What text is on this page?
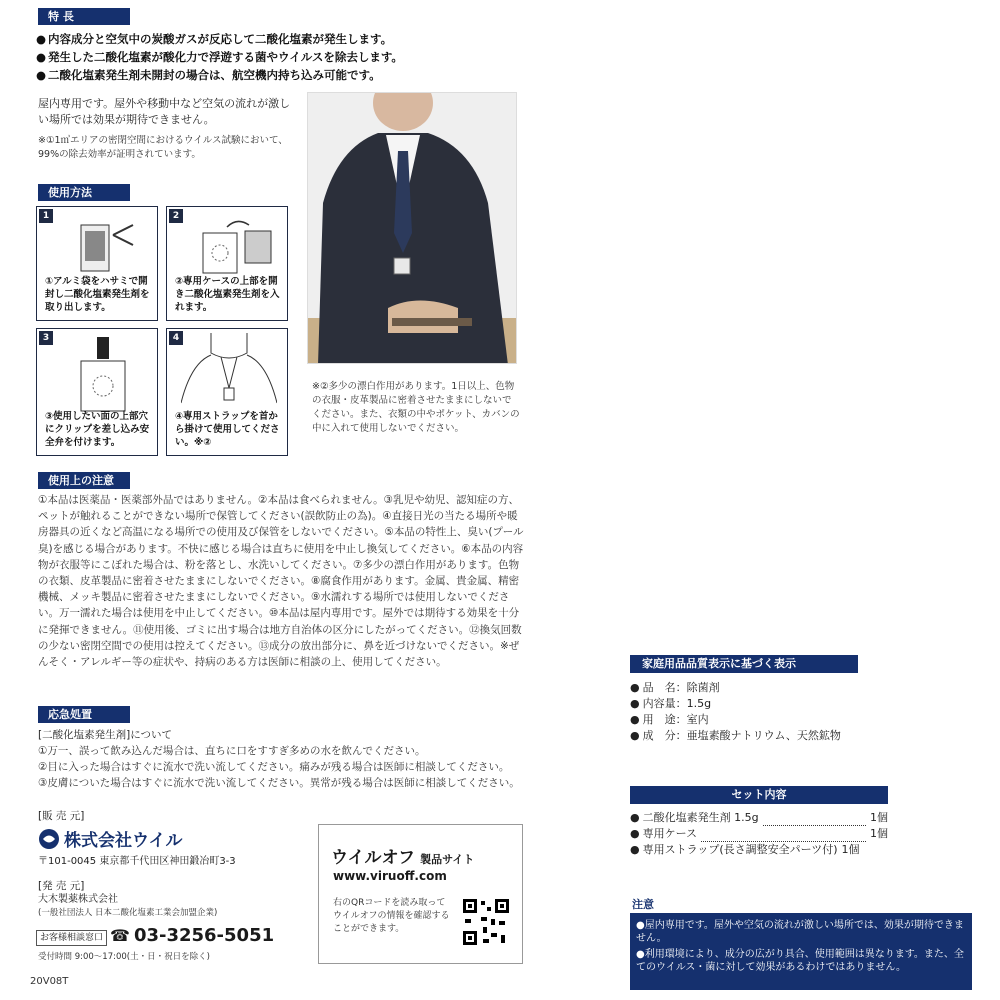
特 長
● 内容成分と空気中の炭酸ガスが反応して二酸化塩素が発生します。
● 発生した二酸化塩素が酸化力で浮遊する菌やウイルスを除去します。
● 二酸化塩素発生剤未開封の場合は、航空機内持ち込み可能です。
屋内専用です。屋外や移動中など空気の流れが激しい場所では効果が期待できません。
※①1㎥エリアの密閉空間におけるウイルス試験において、99%の除去効率が証明されています。
※②多少の漂白作用があります。1日以上、色物の衣服・皮革製品に密着させたままにしないでください。また、衣類の中やポケット、カバンの中に入れて使用しないでください。
使用方法
1
①アルミ袋をハサミで開封し二酸化塩素発生剤を取り出します。
2
②専用ケースの上部を開き二酸化塩素発生剤を入れます。
3
③使用したい面の上部穴にクリップを差し込み安全弁を付けます。
4
④専用ストラップを首から掛けて使用してください。※②
使用上の注意
①本品は医薬品・医薬部外品ではありません。②本品は食べられません。③乳児や幼児、認知症の方、ペットが触れることができない場所で保管してください(誤飲防止の為)。④直接日光の当たる場所や暖房器具の近くなど高温になる場所での使用及び保管をしないでください。⑤本品の特性上、臭い(プール臭)を感じる場合があります。不快に感じる場合は直ちに使用を中止し換気してください。⑥本品の内容物が衣服等にこぼれた場合は、粉を落とし、水洗いしてください。⑦多少の漂白作用があります。色物の衣類、皮革製品に密着させたままにしないでください。⑧腐食作用があります。金属、貴金属、精密機械、メッキ製品に密着させたままにしないでください。⑨水濡れする場所では使用しないでください。万一濡れた場合は使用を中止してください。⑩本品は屋内専用です。屋外では期待する効果を十分に発揮できません。⑪使用後、ゴミに出す場合は地方自治体の区分にしたがってください。⑫換気回数の少ない密閉空間での使用は控えてください。⑬成分の放出部分に、鼻を近づけないでください。※ぜんそく・アレルギー等の症状や、持病のある方は医師に相談の上、使用してください。
応急処置
[二酸化塩素発生剤]について
①万一、誤って飲み込んだ場合は、直ちに口をすすぎ多めの水を飲んでください。
②目に入った場合はすぐに流水で洗い流してください。痛みが残る場合は医師に相談してください。
③皮膚についた場合はすぐに流水で洗い流してください。異常が残る場合は医師に相談してください。
[販 売 元]
株式会社ウイル
〒101-0045 東京都千代田区神田鍛冶町3-3
[発 売 元]
大木製薬株式会社
(一般社団法人 日本二酸化塩素工業会加盟企業)
お客様相談窓口 ☎ 03-3256-5051
受付時間 9:00～17:00(土・日・祝日を除く)
20V08T
ウイルオフ 製品サイト
www.viruoff.com
右のQRコードを読み取ってウイルオフの情報を確認することができます。
家庭用品品質表示に基づく表示
● 品　名：除菌剤
● 内容量：1.5g
● 用　途：室内
● 成　分：亜塩素酸ナトリウム、天然鉱物
セット内容
● 二酸化塩素発生剤 1.5g	1個
● 専用ケース	1個
● 専用ストラップ(長さ調整安全パーツ付) 1個
注意
●屋内専用です。屋外や空気の流れが激しい場所では、効果が期待できません。
●利用環境により、成分の広がり具合、使用範囲は異なります。また、全てのウイルス・菌に対して効果があるわけではありません。
